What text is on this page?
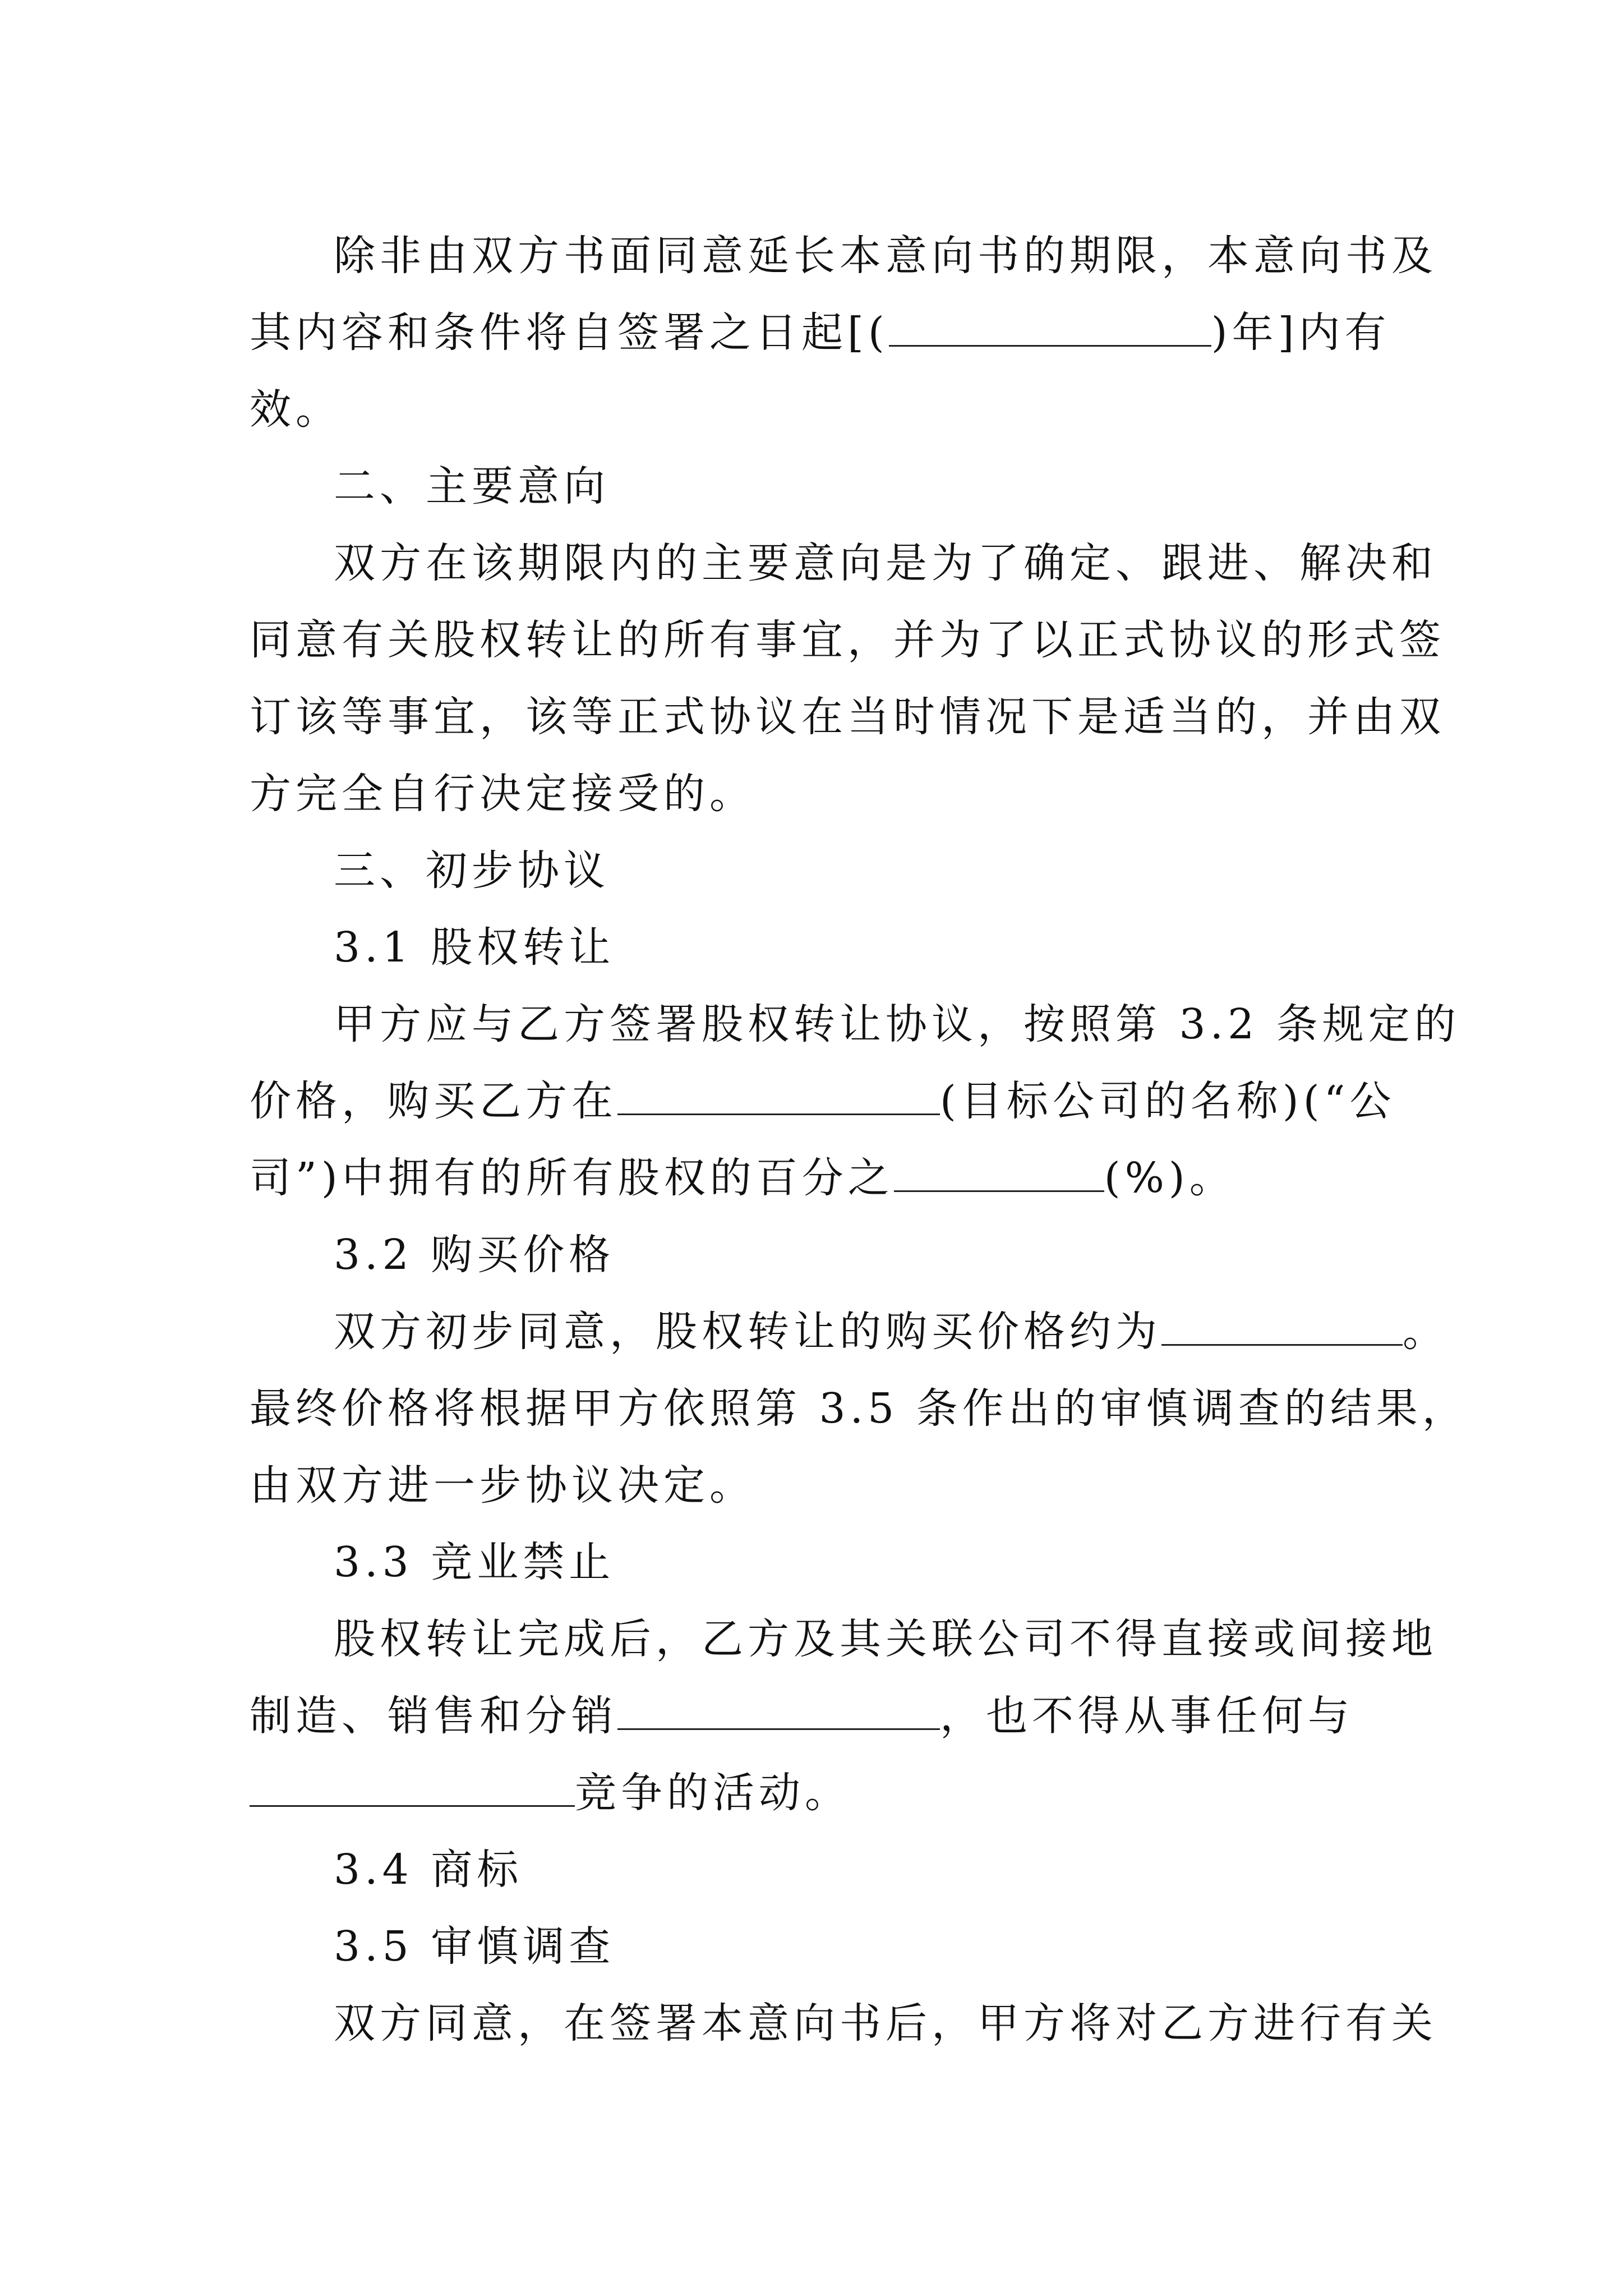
除非由双方书面同意延长本意向书的期限，本意向书及
其内容和条件将自签署之日起[(	)年]内有
效。
二、主要意向
双方在该期限内的主要意向是为了确定、跟进、解决和
同意有关股权转让的所有事宜，并为了以正式协议的形式签
订该等事宜，该等正式协议在当时情况下是适当的，并由双
方完全自行决定接受的。
三、初步协议
3.1 股权转让
甲方应与乙方签署股权转让协议，按照第 3.2 条规定的
价格，购买乙方在	(目标公司的名称)(“公
司”)中拥有的所有股权的百分之	(%)。
3.2 购买价格
双方初步同意，股权转让的购买价格约为	。
最终价格将根据甲方依照第 3.5 条作出的审慎调查的结果，
由双方进一步协议决定。
3.3 竞业禁止
股权转让完成后，乙方及其关联公司不得直接或间接地
制造、销售和分销	，也不得从事任何与
竞争的活动。
3.4 商标
3.5 审慎调查
双方同意，在签署本意向书后，甲方将对乙方进行有关
